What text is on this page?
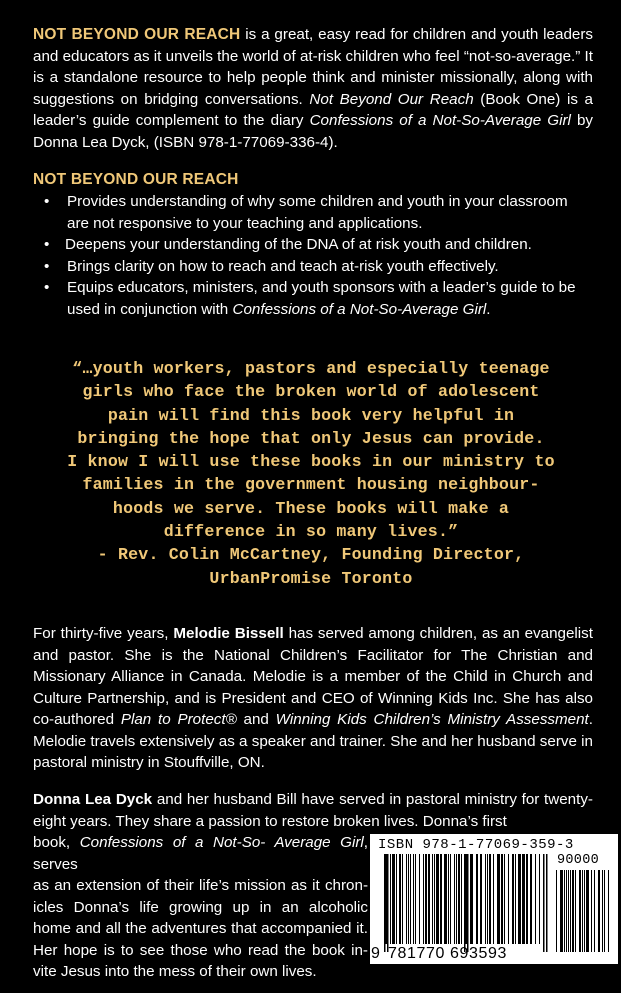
NOT BEYOND OUR REACH is a great, easy read for children and youth leaders and educators as it unveils the world of at-risk children who feel “not-so-average.” It is a standalone resource to help people think and minister missionally, along with suggestions on bridging conversations. Not Beyond Our Reach (Book One) is a leader’s guide complement to the diary Confessions of a Not-So-Average Girl by Donna Lea Dyck, (ISBN 978-1-77069-336-4).

NOT BEYOND OUR REACH
• Provides understanding of why some children and youth in your classroom are not responsive to your teaching and applications.
• Deepens your understanding of the DNA of at risk youth and children.
• Brings clarity on how to reach and teach at-risk youth effectively.
• Equips educators, ministers, and youth sponsors with a leader’s guide to be used in conjunction with Confessions of a Not-So-Average Girl.
“…youth workers, pastors and especially teenage
girls who face the broken world of adolescent
pain will find this book very helpful in
bringing the hope that only Jesus can provide.
I know I will use these books in our ministry to
families in the government housing neighbour-
hoods we serve. These books will make a
difference in so many lives.”
- Rev. Colin McCartney, Founding Director,
UrbanPromise Toronto

For thirty-five years, Melodie Bissell has served among children, as an evangelist and pastor. She is the National Children’s Facilitator for The Christian and Missionary Alliance in Canada. Melodie is a member of the Child in Church and Culture Partnership, and is President and CEO of Winning Kids Inc. She has also co-authored Plan to Protect® and Winning Kids Children’s Ministry Assessment. Melodie travels extensively as a speaker and trainer. She and her husband serve in pastoral ministry in Stouffville, ON.

Donna Lea Dyck and her husband Bill have served in pastoral ministry for twenty-eight years. They share a passion to restore broken lives. Donna’s first
book, Confessions of a Not-So- Average Girl, serves
as an extension of their life’s mission as it chron-
icles Donna’s life growing up in an alcoholic
home and all the adventures that accompanied it.
Her hope is to see those who read the book in-
vite Jesus into the mess of their own lives.
ISBN 978-1-77069-359-3
90000
9 781770 693593
